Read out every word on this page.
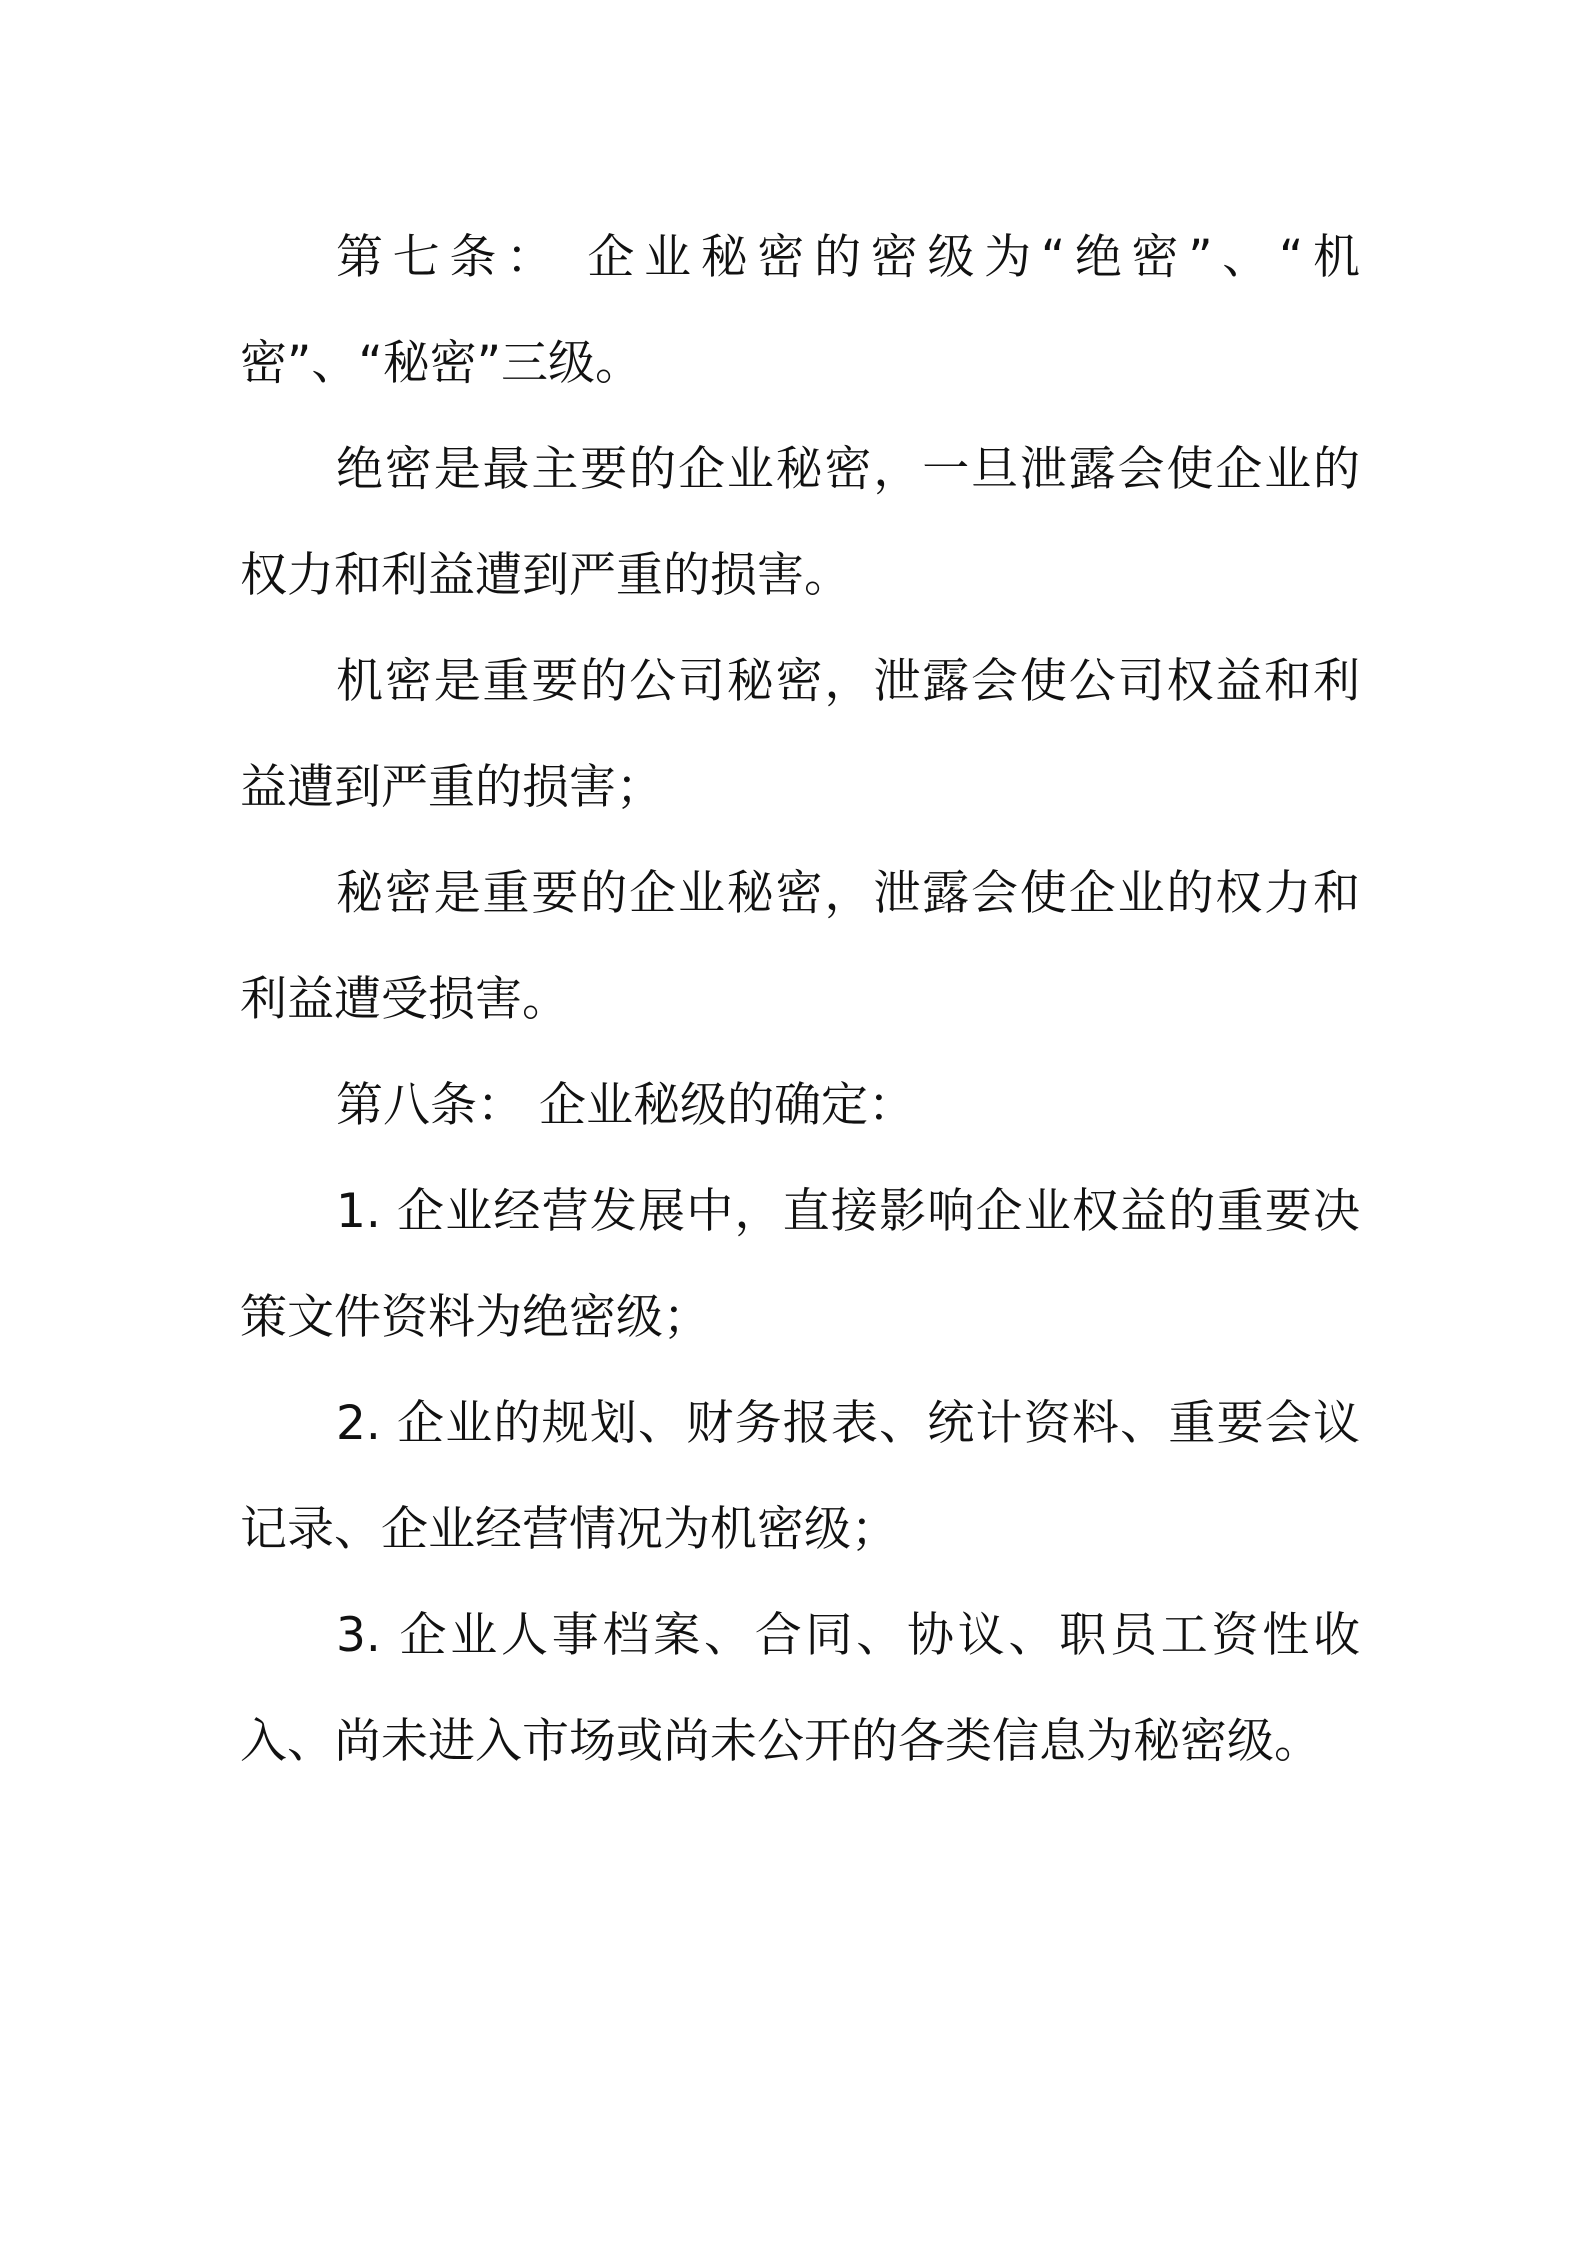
第七条： 企业秘密的密级为“绝密”、“机密”、“秘密”三级。

绝密是最主要的企业秘密，一旦泄露会使企业的权力和利益遭到严重的损害。

机密是重要的公司秘密，泄露会使公司权益和利益遭到严重的损害；

秘密是重要的企业秘密，泄露会使企业的权力和利益遭受损害。

第八条： 企业秘级的确定：

1. 企业经营发展中，直接影响企业权益的重要决策文件资料为绝密级；

2. 企业的规划、财务报表、统计资料、重要会议记录、企业经营情况为机密级；

3. 企业人事档案、合同、协议、职员工资性收入、尚未进入市场或尚未公开的各类信息为秘密级。
